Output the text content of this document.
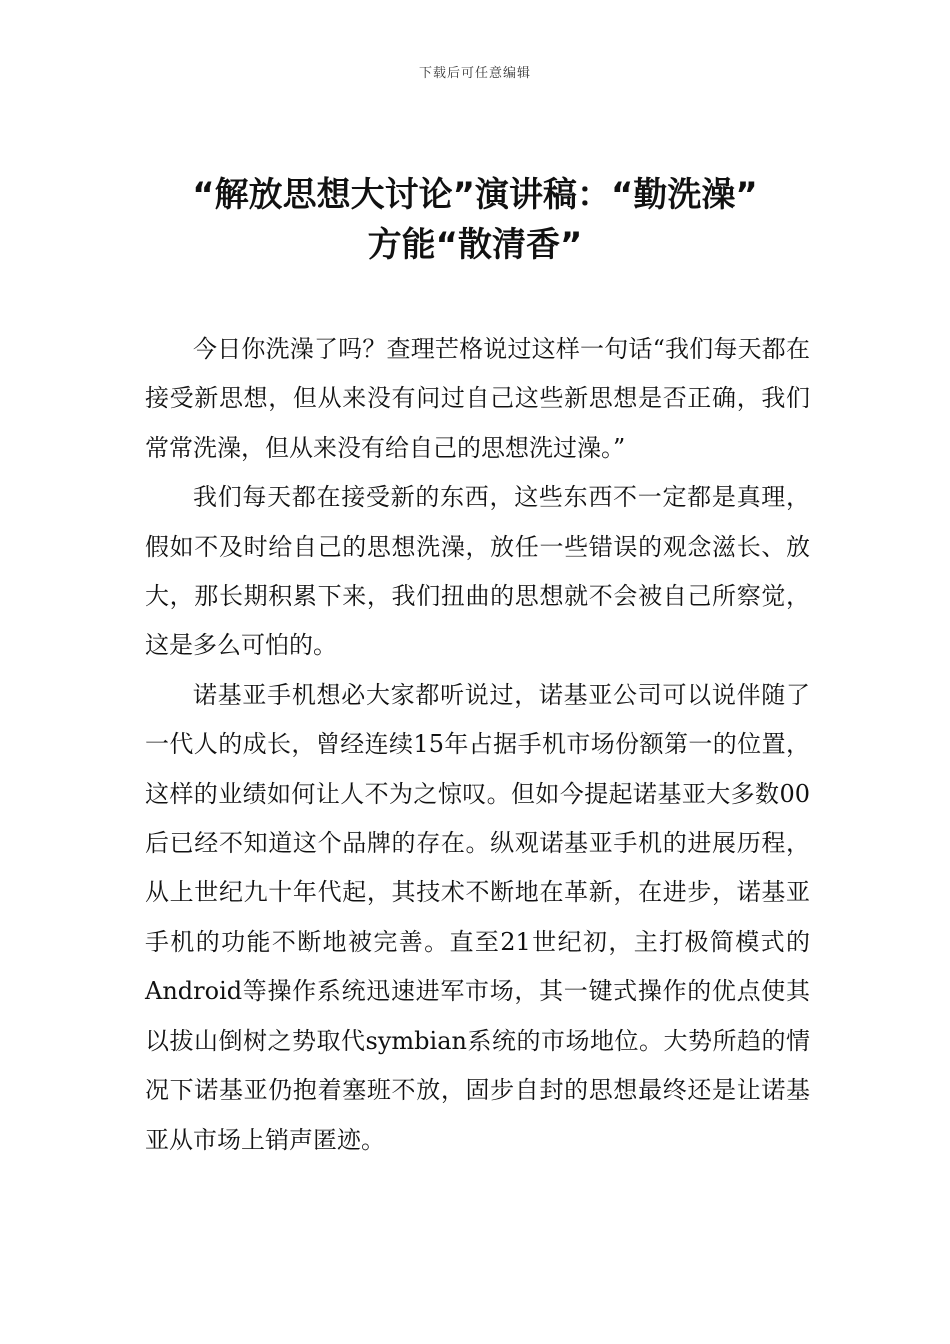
下载后可任意编辑
“解放思想大讨论”演讲稿：“勤洗澡”
方能“散清香”

今日你洗澡了吗？查理芒格说过这样一句话“我们每天都在接受新思想，但从来没有问过自己这些新思想是否正确，我们常常洗澡，但从来没有给自己的思想洗过澡。”

我们每天都在接受新的东西，这些东西不一定都是真理，假如不及时给自己的思想洗澡，放任一些错误的观念滋长、放大，那长期积累下来，我们扭曲的思想就不会被自己所察觉，这是多么可怕的。

诺基亚手机想必大家都听说过，诺基亚公司可以说伴随了一代人的成长，曾经连续15年占据手机市场份额第一的位置，这样的业绩如何让人不为之惊叹。但如今提起诺基亚大多数00后已经不知道这个品牌的存在。纵观诺基亚手机的进展历程，从上世纪九十年代起，其技术不断地在革新，在进步，诺基亚手机的功能不断地被完善。直至21世纪初，主打极简模式的Android等操作系统迅速进军市场，其一键式操作的优点使其以拔山倒树之势取代symbian系统的市场地位。大势所趋的情况下诺基亚仍抱着塞班不放，固步自封的思想最终还是让诺基亚从市场上销声匿迹。
